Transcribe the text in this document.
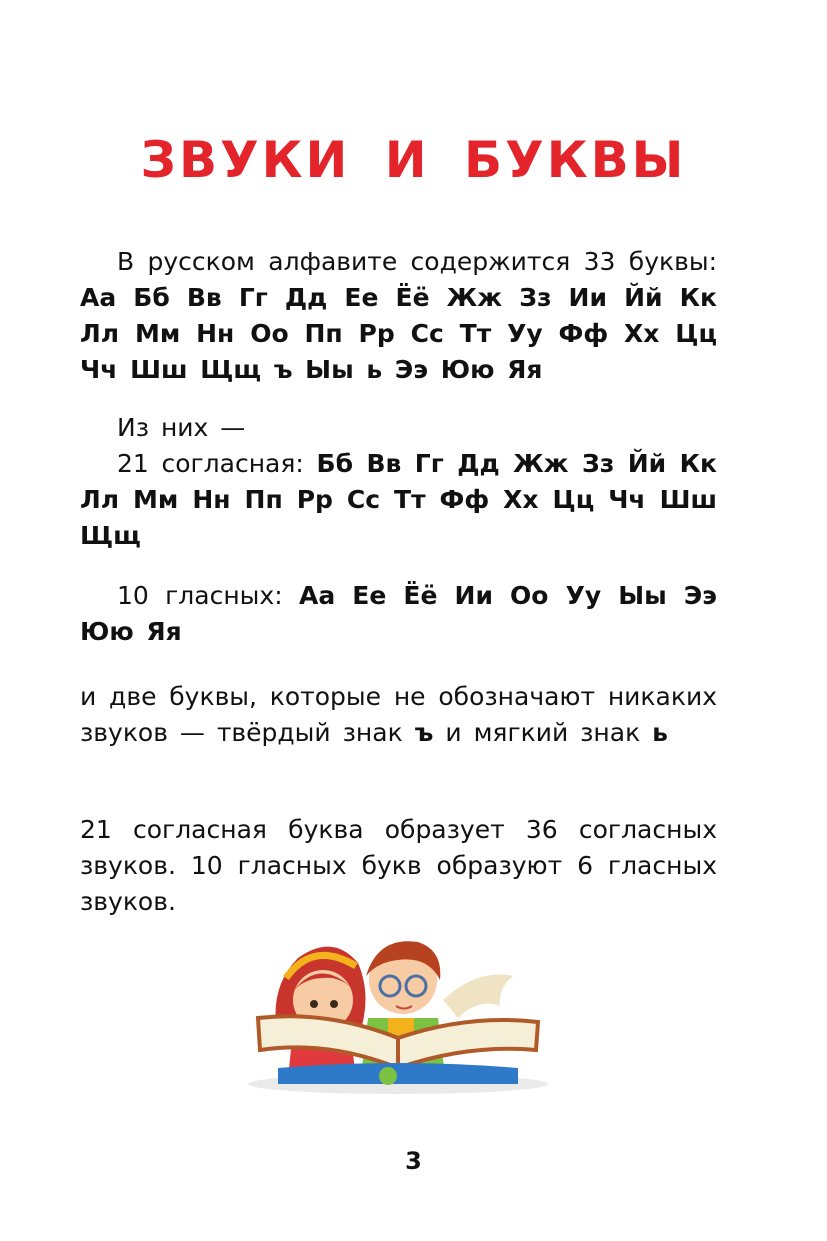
ЗВУКИ И БУКВЫ

В русском алфавите содержится 33 буквы: Аа Бб Вв Гг Дд Ее Ёё Жж Зз Ии Йй Кк Лл Мм Нн Оо Пп Рр Сс Тт Уу Фф Хх Цц Чч Шш Щщ ъ Ыы ь Ээ Юю Яя

Из них —

21 согласная: Бб Вв Гг Дд Жж Зз Йй Кк Лл Мм Нн Пп Рр Сс Тт Фф Хх Цц Чч Шш Щщ

10 гласных: Аа Ее Ёё Ии Оо Уу Ыы Ээ Юю Яя

и две буквы, которые не обозначают никаких звуков — твёрдый знак ъ и мягкий знак ь

21 согласная буква образует 36 согласных звуков. 10 гласных букв образуют 6 гласных звуков.

3
